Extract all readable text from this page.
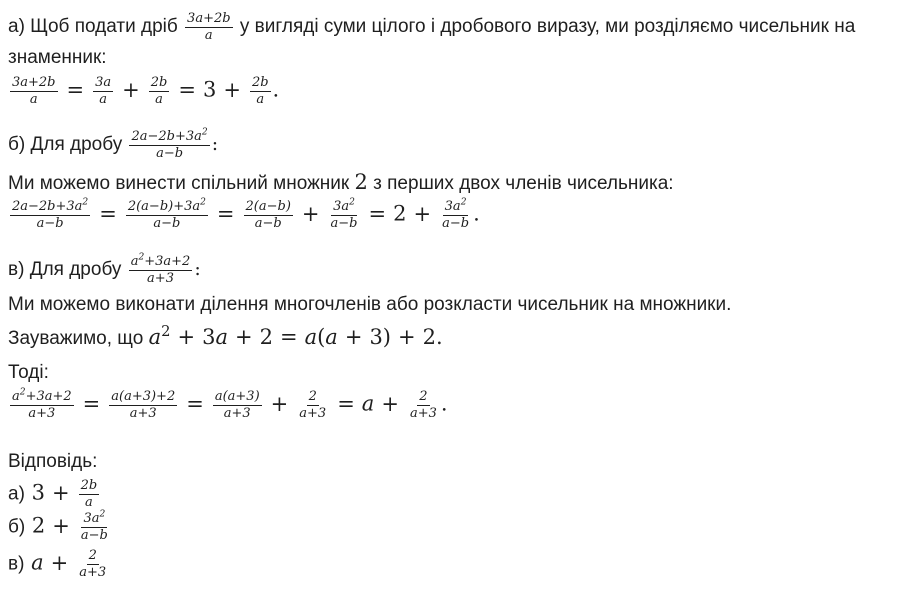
а) Щоб подати дріб $\frac{3a+2b}{a}$ у вигляді суми цілого і дробового виразу, ми розділяємо чисельник на
знаменник:
$\frac{3a+2b}{a} = \frac{3a}{a} + \frac{2b}{a} = 3 + \frac{2b}{a}$ .
б) Для дробу $\frac{2a-2b+3a^2}{a-b}$ :
Ми можемо винести спільний множник 2 з перших двох членів чисельника:
$\frac{2a-2b+3a^2}{a-b} = \frac{2(a-b)+3a^2}{a-b} = \frac{2(a-b)}{a-b} + \frac{3a^2}{a-b} = 2 + \frac{3a^2}{a-b}$ .
в) Для дробу $\frac{a^2+3a+2}{a+3}$ :
Ми можемо виконати ділення многочленів або розкласти чисельник на множники.
Зауважимо, що $a^2 + 3a + 2 = a(a + 3) + 2$.
Тоді:
$\frac{a^2+3a+2}{a+3} = \frac{a(a+3)+2}{a+3} = \frac{a(a+3)}{a+3} + \frac{2}{a+3} = a + \frac{2}{a+3}$ .
Відповідь:
а) $3 + \frac{2b}{a}$
б) $2 + \frac{3a^2}{a-b}$
в) $a + \frac{2}{a+3}$
